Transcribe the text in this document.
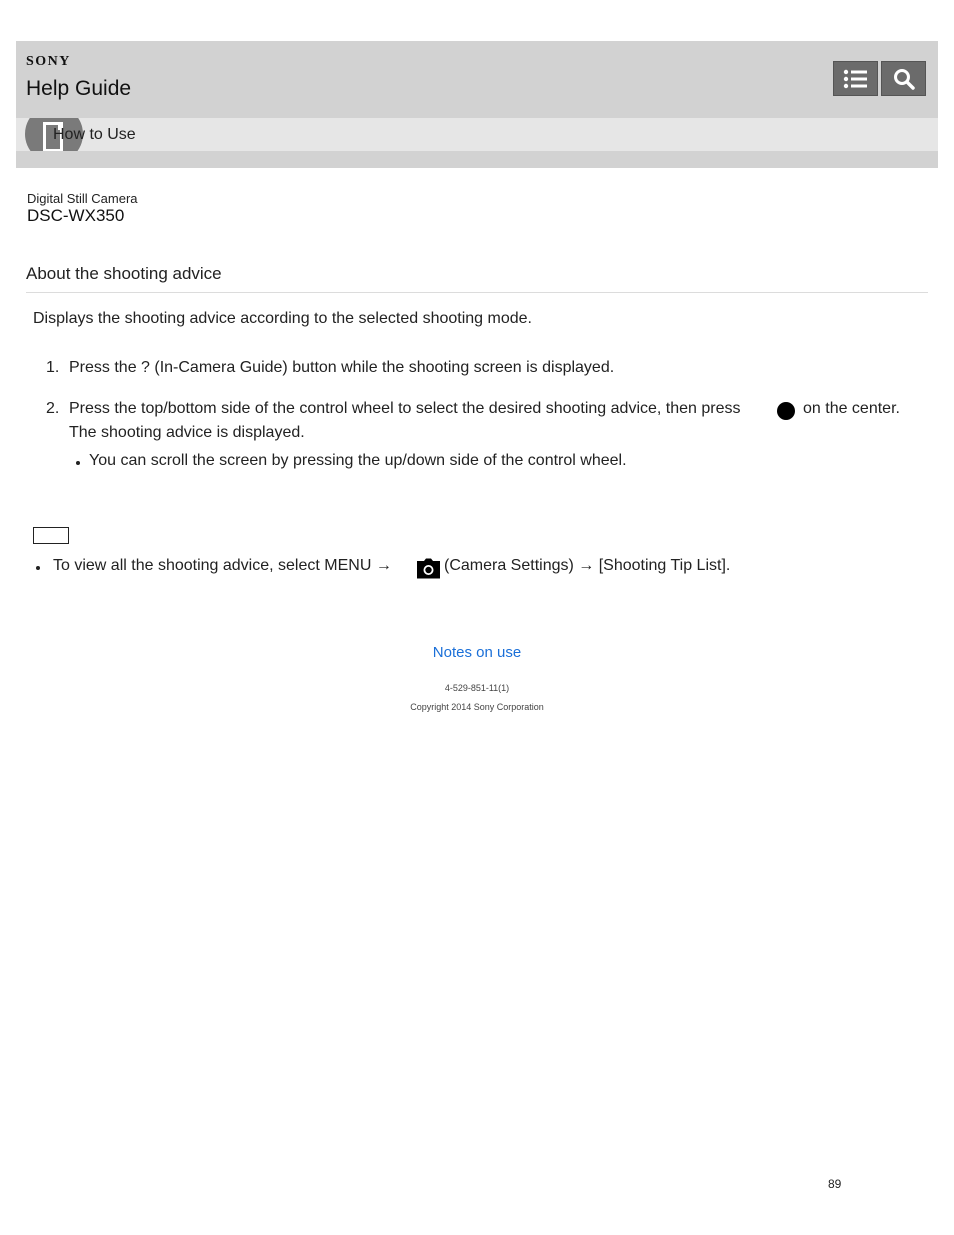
SONY
Help Guide
How to Use
Digital Still Camera
DSC-WX350
About the shooting advice
Displays the shooting advice according to the selected shooting mode.
1. Press the ? (In-Camera Guide) button while the shooting screen is displayed.
2. Press the top/bottom side of the control wheel to select the desired shooting advice, then press	on the center.
The shooting advice is displayed.
You can scroll the screen by pressing the up/down side of the control wheel.
To view all the shooting advice, select MENU →	(Camera Settings) → [Shooting Tip List].
Notes on use
4-529-851-11(1)
Copyright 2014 Sony Corporation
89
